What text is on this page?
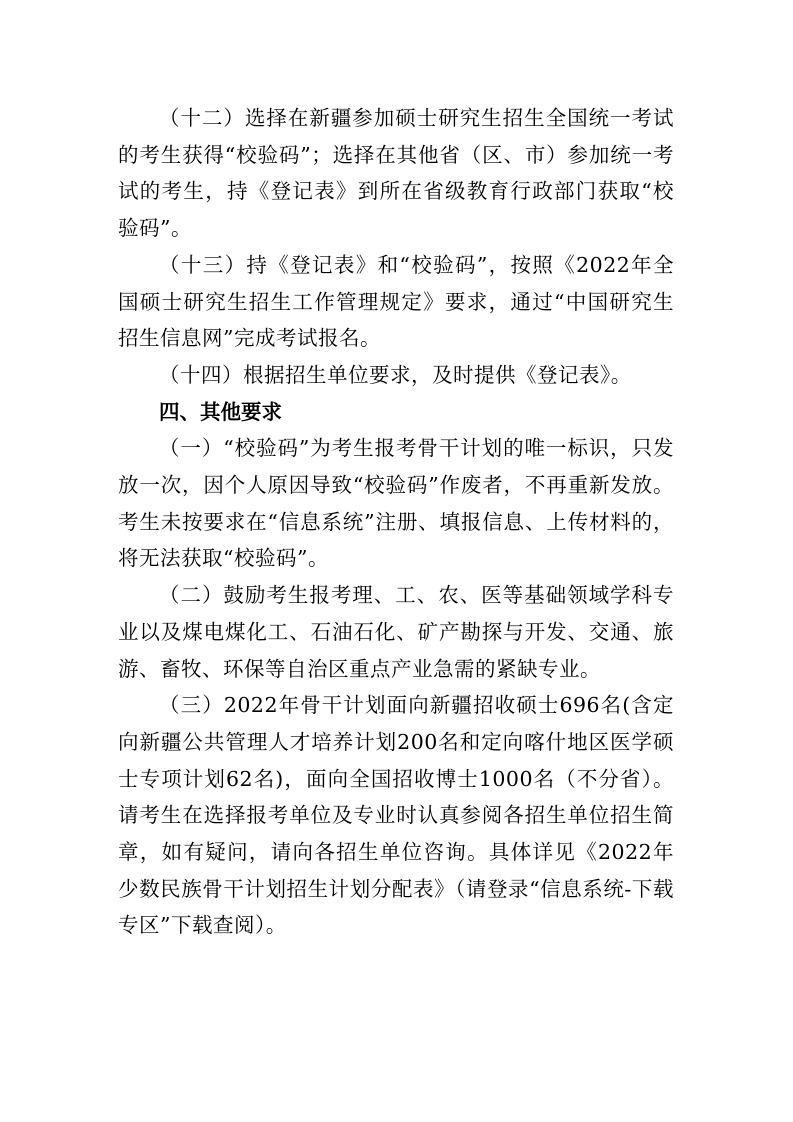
（十二）选择在新疆参加硕士研究生招生全国统一考试的考生获得“校验码”；选择在其他省（区、市）参加统一考试的考生，持《登记表》到所在省级教育行政部门获取“校验码”。

（十三）持《登记表》和“校验码”，按照《2022年全国硕士研究生招生工作管理规定》要求，通过“中国研究生招生信息网”完成考试报名。

（十四）根据招生单位要求，及时提供《登记表》。

四、其他要求

（一）“校验码”为考生报考骨干计划的唯一标识，只发放一次，因个人原因导致“校验码”作废者，不再重新发放。考生未按要求在“信息系统”注册、填报信息、上传材料的，将无法获取“校验码”。

（二）鼓励考生报考理、工、农、医等基础领域学科专业以及煤电煤化工、石油石化、矿产勘探与开发、交通、旅游、畜牧、环保等自治区重点产业急需的紧缺专业。

（三）2022年骨干计划面向新疆招收硕士696名(含定向新疆公共管理人才培养计划200名和定向喀什地区医学硕士专项计划62名)，面向全国招收博士1000名（不分省）。请考生在选择报考单位及专业时认真参阅各招生单位招生简章，如有疑问，请向各招生单位咨询。具体详见《2022年少数民族骨干计划招生计划分配表》（请登录“信息系统-下载专区”下载查阅）。
